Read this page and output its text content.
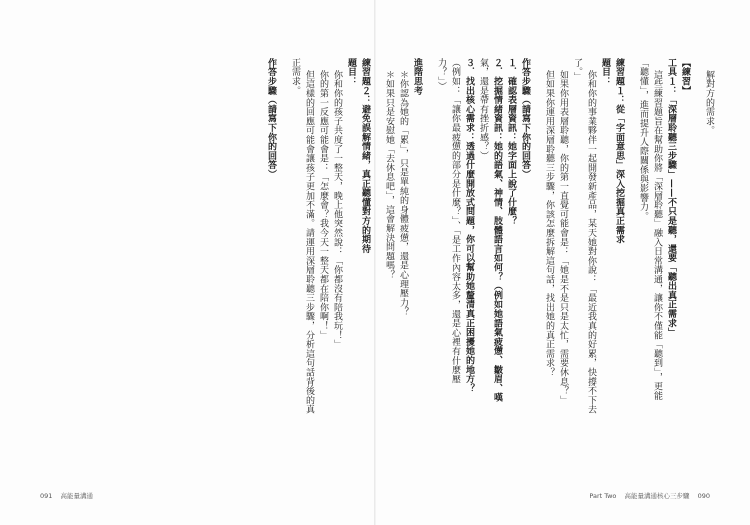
解對方的需求。
【練習】
工具１：「深層聆聽三步驟」——不只是聽，還要「聽出真正需求」
這些練習題旨在幫助你將「深層聆聽」融入日常溝通，讓你不僅能「聽到」，更能
「聽懂」，進而提升人際關係與影響力。
練習題１：從「字面意思」深入挖掘真正需求
題目：
你和你的事業夥伴一起開發新產品，某天她對你說：「最近我真的好累，快撐不下去
了。」
如果你用表層聆聽，你的第一直覺可能會是：「她是不是只是太忙，需要休息？」
但如果你運用深層聆聽三步驟，你該怎麼拆解這句話，找出她的真正需求？
作答步驟（請寫下你的回答）
１．確認表層資訊：她字面上說了什麼？
２．挖掘情緒資訊：她的語氣、神情、肢體語言如何？（例如她語氣疲憊、皺眉、嘆
氣，還是帶有挫折感？）
３．找出核心需求：透過什麼開放式問題，你可以幫助她釐清真正困擾她的地方？
（例如：「讓你最疲憊的部分是什麼？」、「是工作內容太多，還是心裡有什麼壓
力？」）
進階思考
＊你認為她的「累」，只是單純的身體疲憊，還是心理壓力？
＊如果只是安慰她「去休息吧」，這會解決問題嗎？
練習題２：避免誤解情緒，真正聽懂對方的期待
題目：
你和你的孩子共度了一整天，晚上他突然說：「你都沒有陪我玩！」
你的第一反應可能會是：「怎麼會？我今天一整天都在陪你啊！」
但這樣的回應可能會讓孩子更加不滿。請運用深層聆聽三步驟，分析這句話背後的真
正需求。
作答步驟（請寫下你的回答）
091 高能量溝通	Part Two 高能量溝通核心三步驟 090
